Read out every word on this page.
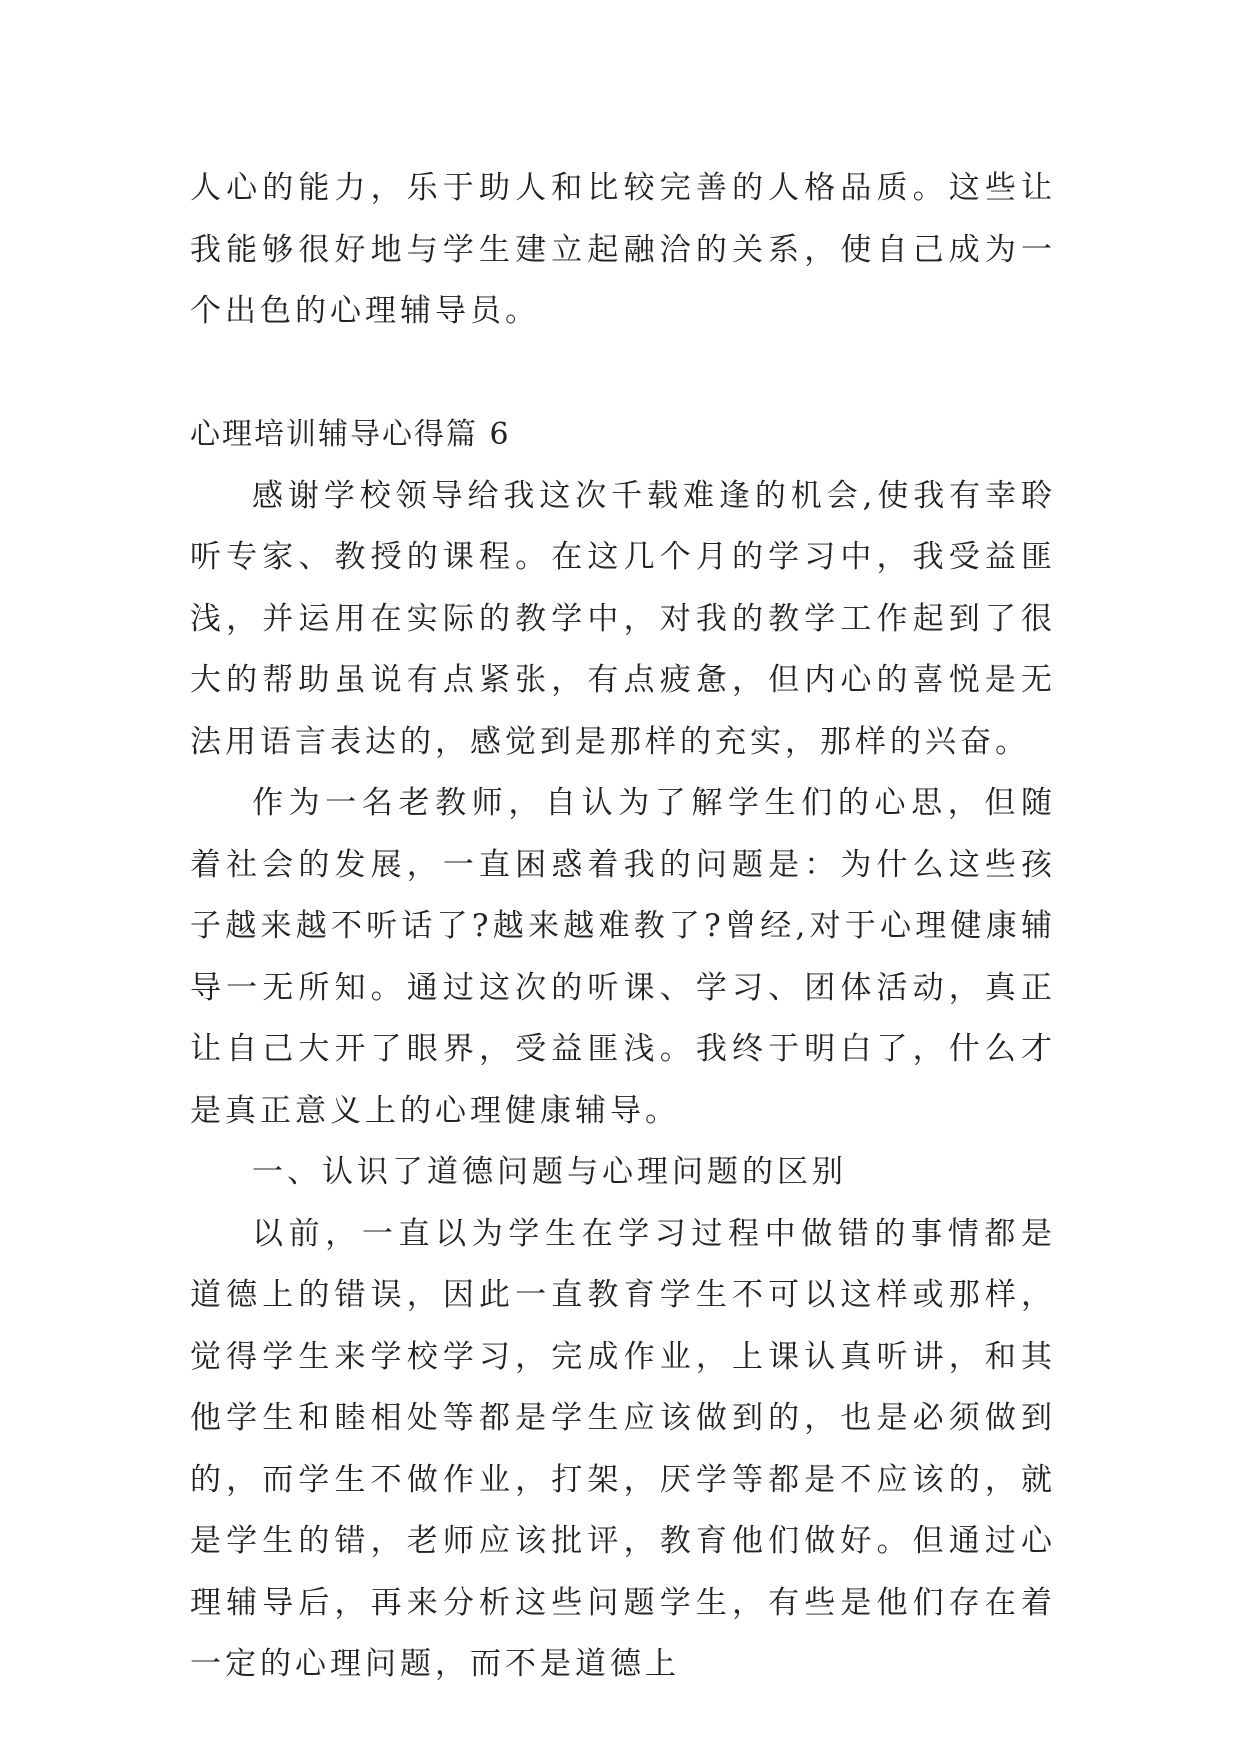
人心的能力，乐于助人和比较完善的人格品质。这些让我能够很好地与学生建立起融洽的关系，使自己成为一个出色的心理辅导员。

心理培训辅导心得篇 6

感谢学校领导给我这次千载难逢的机会,使我有幸聆听专家、教授的课程。在这几个月的学习中，我受益匪浅，并运用在实际的教学中，对我的教学工作起到了很大的帮助虽说有点紧张，有点疲惫，但内心的喜悦是无法用语言表达的，感觉到是那样的充实，那样的兴奋。

作为一名老教师，自认为了解学生们的心思，但随着社会的发展，一直困惑着我的问题是：为什么这些孩子越来越不听话了?越来越难教了?曾经,对于心理健康辅导一无所知。通过这次的听课、学习、团体活动，真正让自己大开了眼界，受益匪浅。我终于明白了，什么才是真正意义上的心理健康辅导。

一、认识了道德问题与心理问题的区别

以前，一直以为学生在学习过程中做错的事情都是道德上的错误，因此一直教育学生不可以这样或那样，觉得学生来学校学习，完成作业，上课认真听讲，和其他学生和睦相处等都是学生应该做到的，也是必须做到的，而学生不做作业，打架，厌学等都是不应该的，就是学生的错，老师应该批评，教育他们做好。但通过心理辅导后，再来分析这些问题学生，有些是他们存在着一定的心理问题，而不是道德上
